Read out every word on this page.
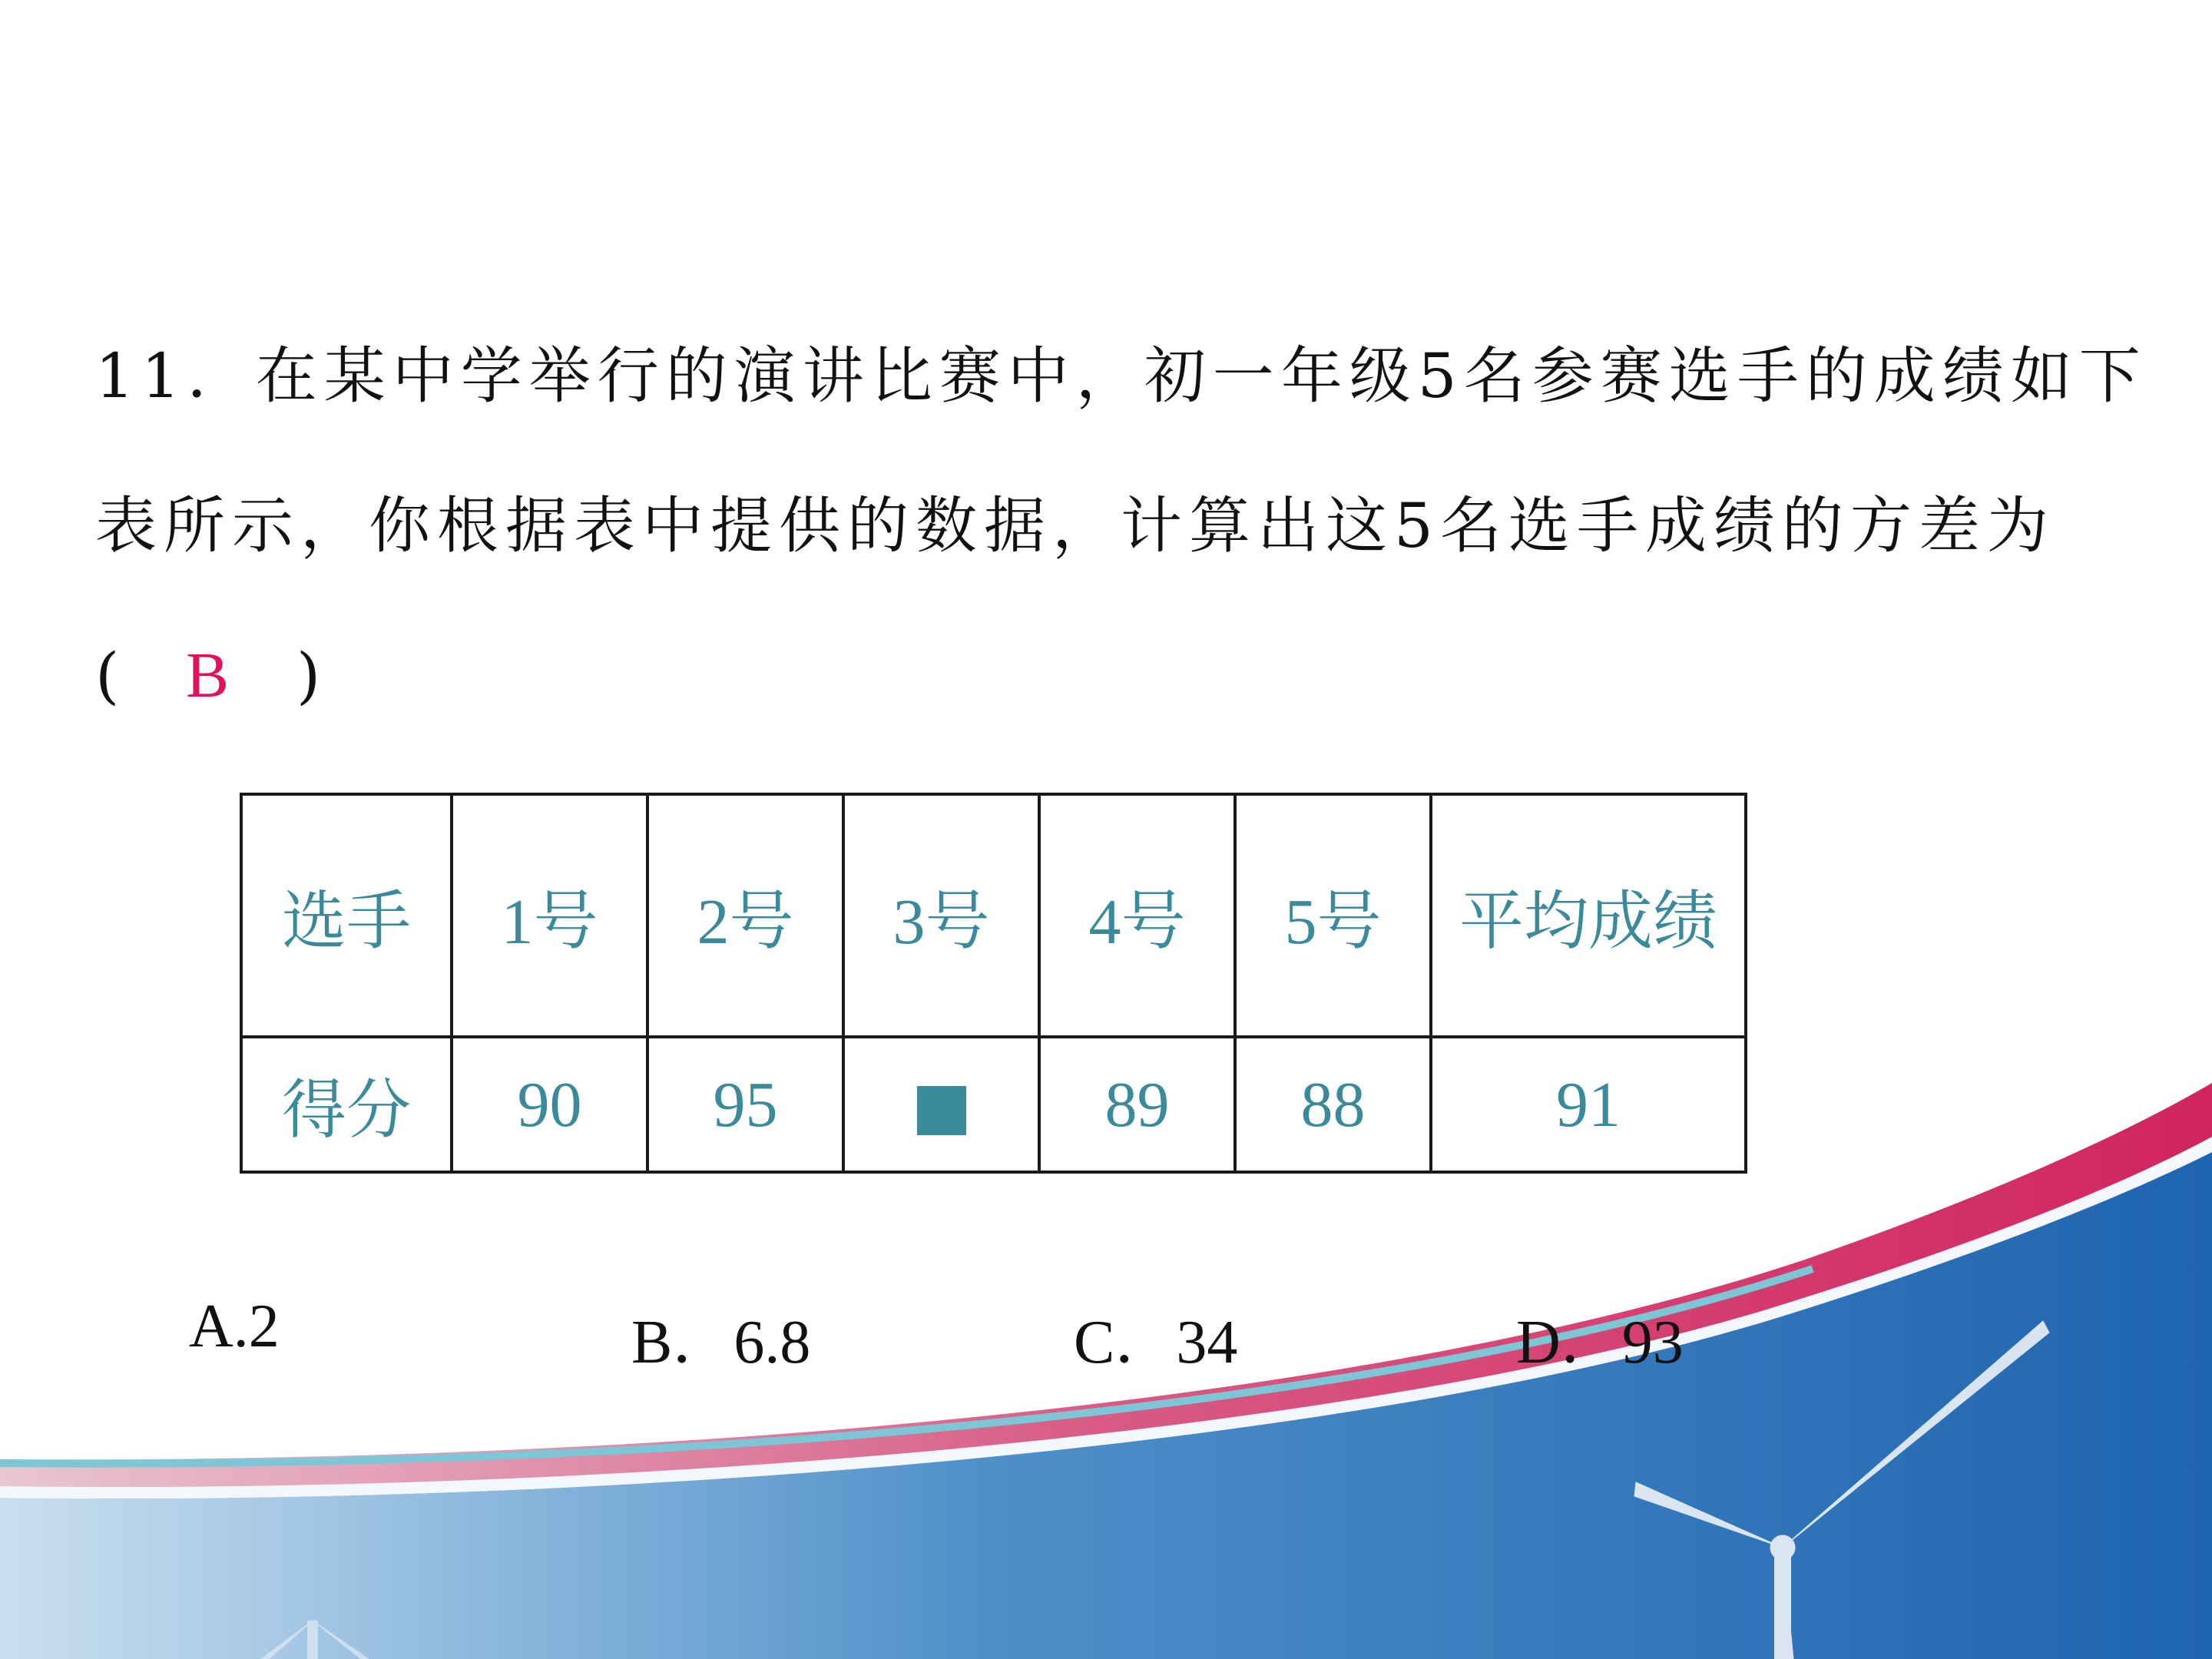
11．在某中学举行的演讲比赛中，初一年级5名参赛选手的成绩如下
表所示，你根据表中提供的数据，计算出这5名选手成绩的方差为
( B )
选手	1号	2号	3号	4号	5号	平均成绩
得分	90	95		89	88	91
A.2	B．6.8	C．34	D．93
